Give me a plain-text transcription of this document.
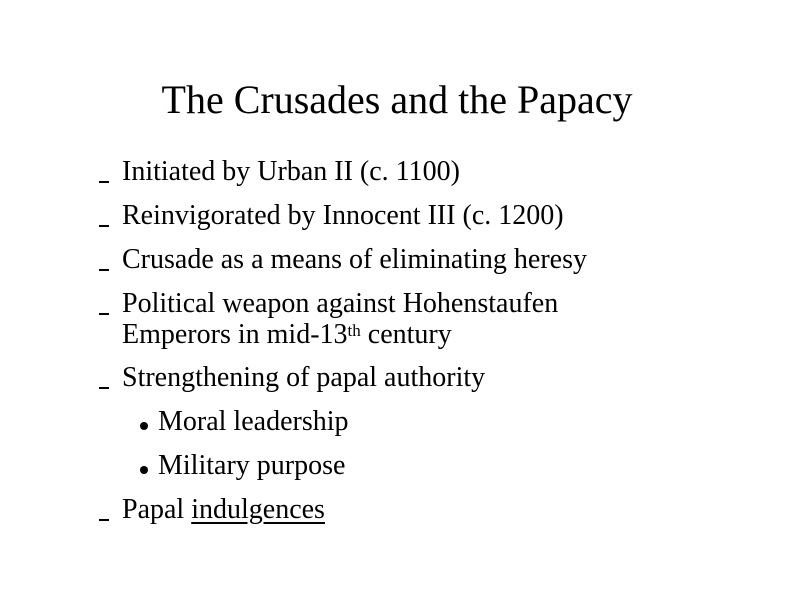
The Crusades and the Papacy
Initiated by Urban II (c. 1100)
Reinvigorated by Innocent III (c. 1200)
Crusade as a means of eliminating heresy
Political weapon against Hohenstaufen
Emperors in mid-13th century
Strengthening of papal authority
Moral leadership
Military purpose
Papal indulgences
